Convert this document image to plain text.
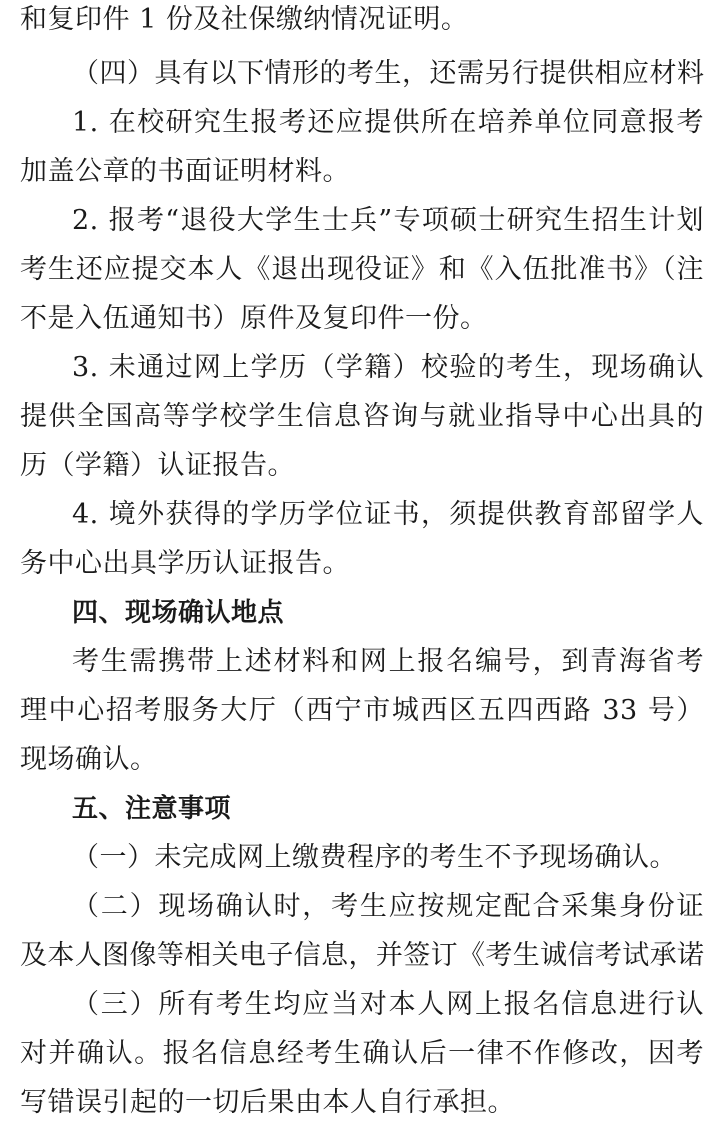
和复印件 1 份及社保缴纳情况证明。
（四）具有以下情形的考生，还需另行提供相应材料
1. 在校研究生报考还应提供所在培养单位同意报考
加盖公章的书面证明材料。
2. 报考“退役大学生士兵”专项硕士研究生招生计划
考生还应提交本人《退出现役证》和《入伍批准书》（注
不是入伍通知书）原件及复印件一份。
3. 未通过网上学历（学籍）校验的考生，现场确认
提供全国高等学校学生信息咨询与就业指导中心出具的
历（学籍）认证报告。
4. 境外获得的学历学位证书，须提供教育部留学人
务中心出具学历认证报告。
四、现场确认地点
考生需携带上述材料和网上报名编号，到青海省考
理中心招考服务大厅（西宁市城西区五四西路 33 号）
现场确认。
五、注意事项
（一）未完成网上缴费程序的考生不予现场确认。
（二）现场确认时，考生应按规定配合采集身份证
及本人图像等相关电子信息，并签订《考生诚信考试承诺
（三）所有考生均应当对本人网上报名信息进行认
对并确认。报名信息经考生确认后一律不作修改，因考
写错误引起的一切后果由本人自行承担。
